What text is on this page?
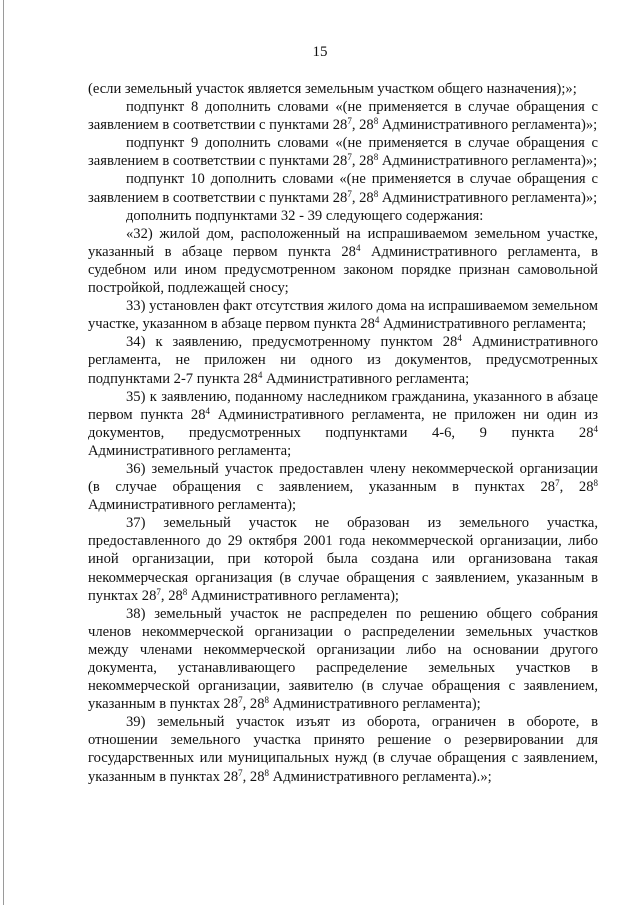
15

(если земельный участок является земельным участком общего назначения);»;

подпункт 8 дополнить словами «(не применяется в случае обращения с заявлением в соответствии с пунктами $28^7$, $28^8$ Административного регламента)»;

подпункт 9 дополнить словами «(не применяется в случае обращения с заявлением в соответствии с пунктами $28^7$, $28^8$ Административного регламента)»;

подпункт 10 дополнить словами «(не применяется в случае обращения с заявлением в соответствии с пунктами $28^7$, $28^8$ Административного регламента)»;

дополнить подпунктами 32 - 39 следующего содержания:

«32) жилой дом, расположенный на испрашиваемом земельном участке, указанный в абзаце первом пункта $28^4$ Административного регламента, в судебном или ином предусмотренном законом порядке признан самовольной постройкой, подлежащей сносу;

33) установлен факт отсутствия жилого дома на испрашиваемом земельном участке, указанном в абзаце первом пункта $28^4$ Административного регламента;

34) к заявлению, предусмотренному пунктом $28^4$ Административного регламента, не приложен ни одного из документов, предусмотренных подпунктами 2-7 пункта $28^4$ Административного регламента;

35) к заявлению, поданному наследником гражданина, указанного в абзаце первом пункта $28^4$ Административного регламента, не приложен ни один из документов, предусмотренных подпунктами 4-6, 9 пункта $28^4$ Административного регламента;

36) земельный участок предоставлен члену некоммерческой организации (в случае обращения с заявлением, указанным в пунктах $28^7$, $28^8$ Административного регламента);

37) земельный участок не образован из земельного участка, предоставленного до 29 октября 2001 года некоммерческой организации, либо иной организации, при которой была создана или организована такая некоммерческая организация (в случае обращения с заявлением, указанным в пунктах $28^7$, $28^8$ Административного регламента);

38) земельный участок не распределен по решению общего собрания членов некоммерческой организации о распределении земельных участков между членами некоммерческой организации либо на основании другого документа, устанавливающего распределение земельных участков в некоммерческой организации, заявителю (в случае обращения с заявлением, указанным в пунктах $28^7$, $28^8$ Административного регламента);

39) земельный участок изъят из оборота, ограничен в обороте, в отношении земельного участка принято решение о резервировании для государственных или муниципальных нужд (в случае обращения с заявлением, указанным в пунктах $28^7$, $28^8$ Административного регламента).»;
